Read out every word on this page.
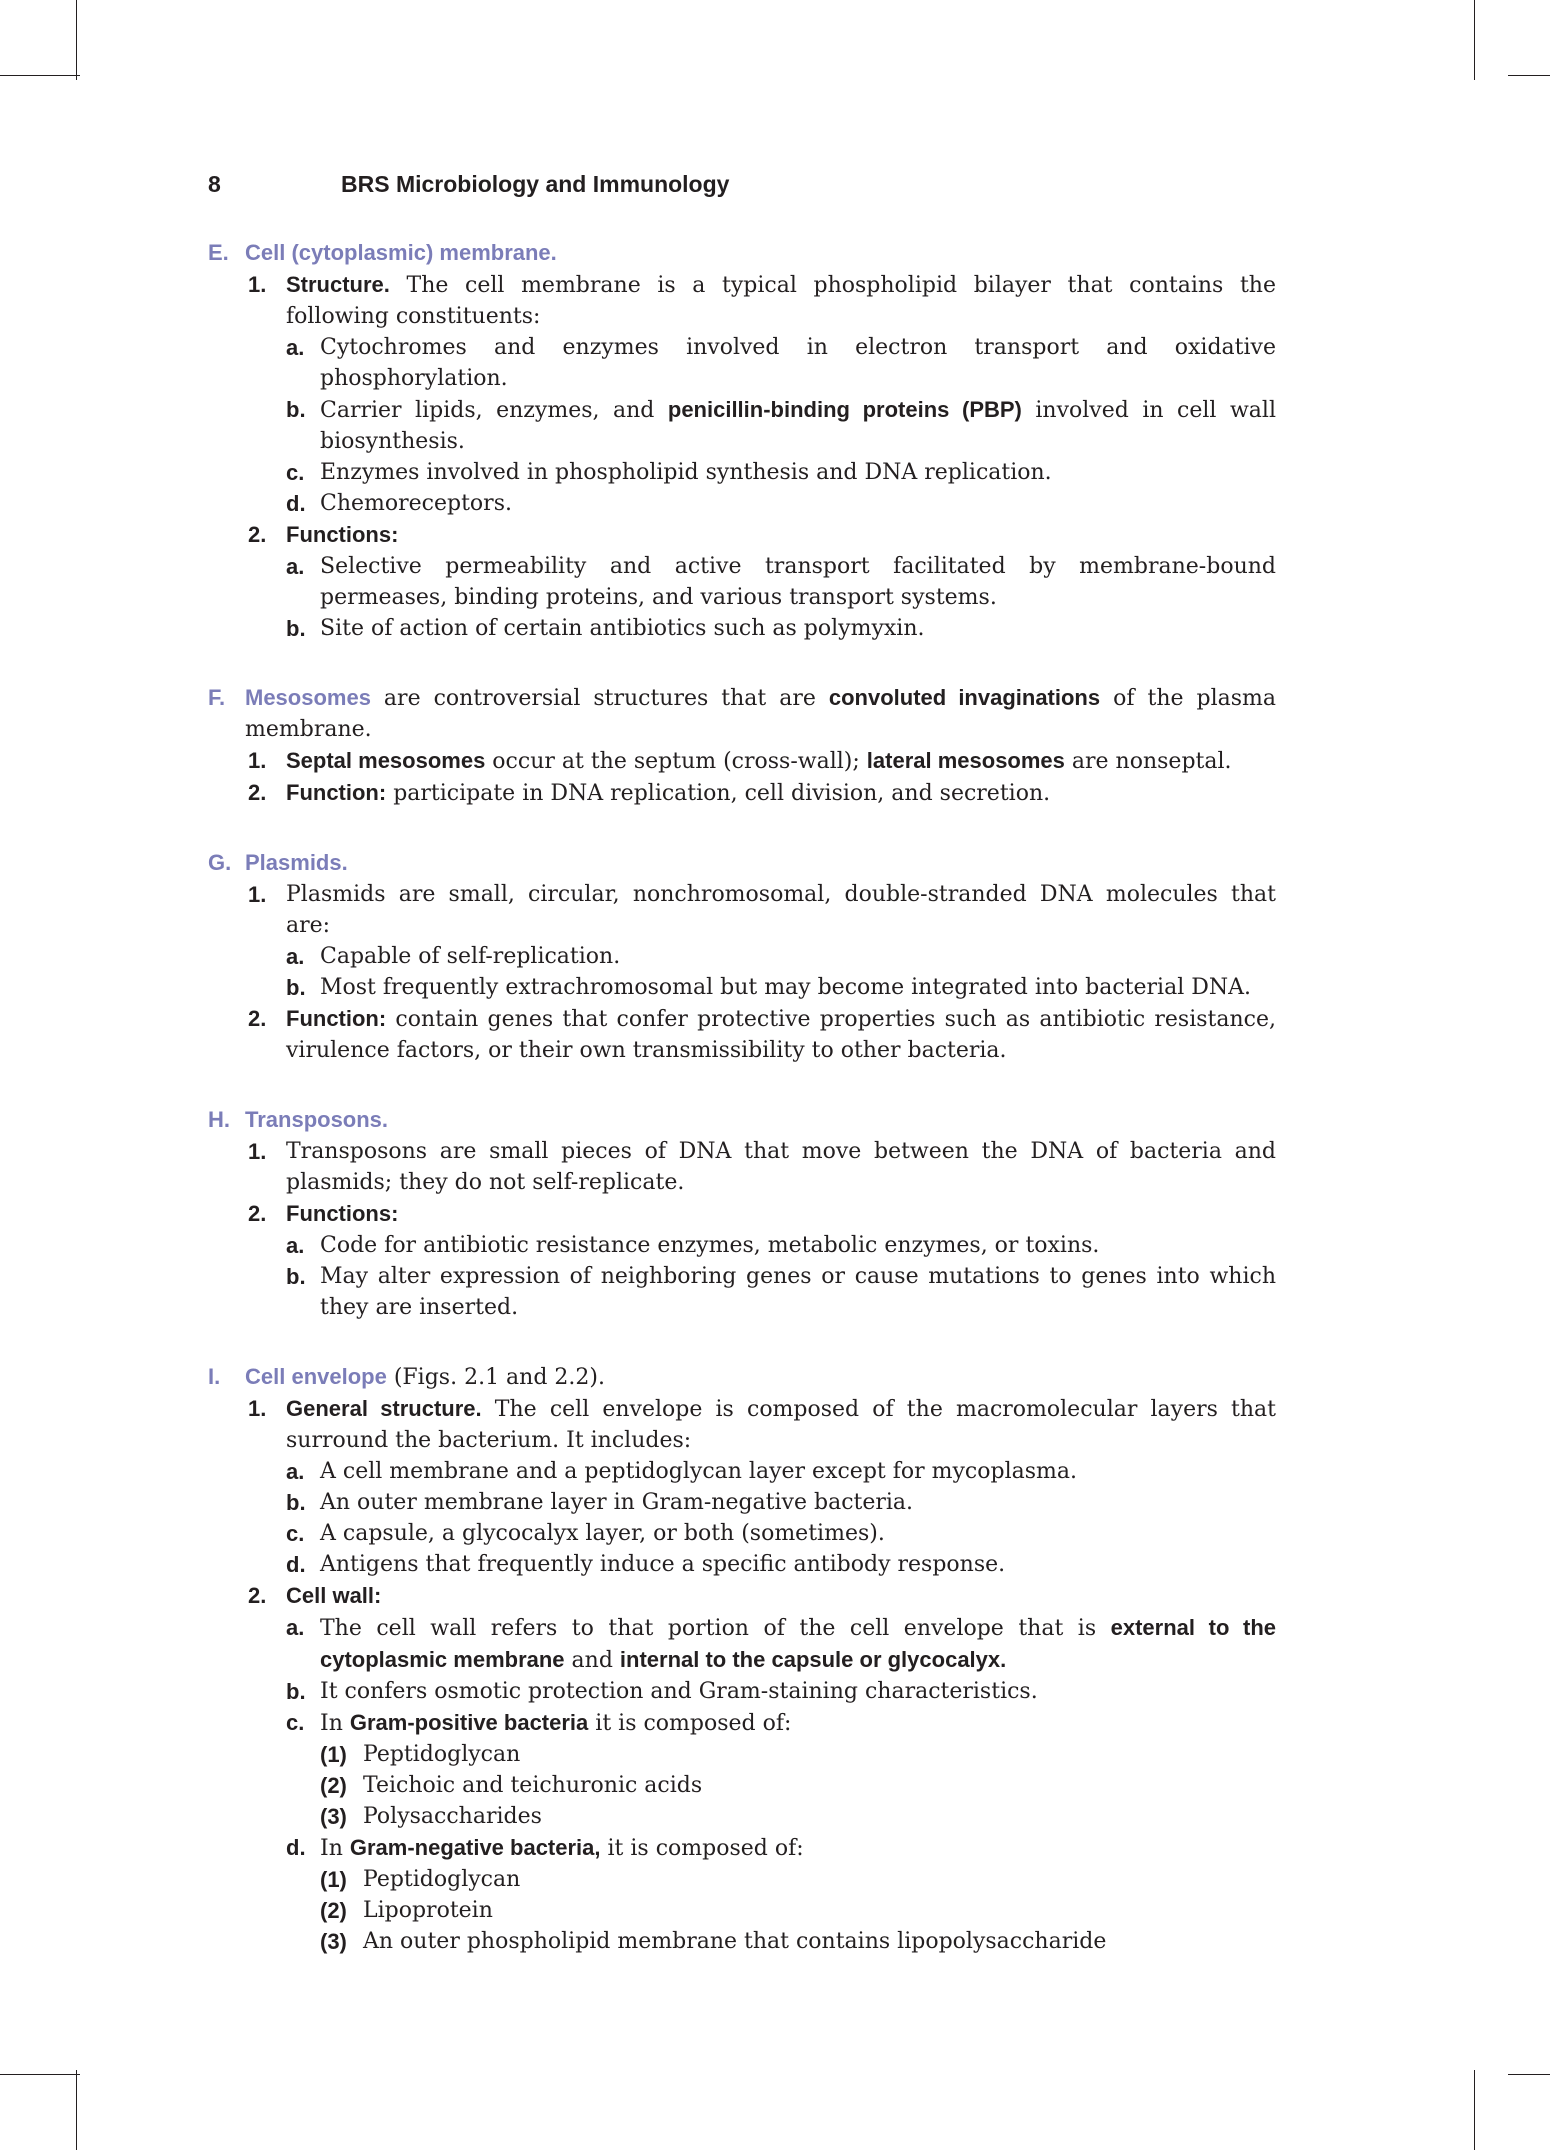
8	BRS Microbiology and Immunology
E. Cell (cytoplasmic) membrane.
1. Structure. The cell membrane is a typical phospholipid bilayer that contains the following constituents:
a. Cytochromes and enzymes involved in electron transport and oxidative phosphorylation.
b. Carrier lipids, enzymes, and penicillin-binding proteins (PBP) involved in cell wall biosynthesis.
c. Enzymes involved in phospholipid synthesis and DNA replication.
d. Chemoreceptors.
2. Functions:
a. Selective permeability and active transport facilitated by membrane-bound permeases, binding proteins, and various transport systems.
b. Site of action of certain antibiotics such as polymyxin.
F. Mesosomes are controversial structures that are convoluted invaginations of the plasma membrane.
1. Septal mesosomes occur at the septum (cross-wall); lateral mesosomes are nonseptal.
2. Function: participate in DNA replication, cell division, and secretion.
G. Plasmids.
1. Plasmids are small, circular, nonchromosomal, double-stranded DNA molecules that are:
a. Capable of self-replication.
b. Most frequently extrachromosomal but may become integrated into bacterial DNA.
2. Function: contain genes that confer protective properties such as antibiotic resistance, virulence factors, or their own transmissibility to other bacteria.
H. Transposons.
1. Transposons are small pieces of DNA that move between the DNA of bacteria and plasmids; they do not self-replicate.
2. Functions:
a. Code for antibiotic resistance enzymes, metabolic enzymes, or toxins.
b. May alter expression of neighboring genes or cause mutations to genes into which they are inserted.
I. Cell envelope (Figs. 2.1 and 2.2).
1. General structure. The cell envelope is composed of the macromolecular layers that surround the bacterium. It includes:
a. A cell membrane and a peptidoglycan layer except for mycoplasma.
b. An outer membrane layer in Gram-negative bacteria.
c. A capsule, a glycocalyx layer, or both (sometimes).
d. Antigens that frequently induce a specific antibody response.
2. Cell wall:
a. The cell wall refers to that portion of the cell envelope that is external to the cytoplasmic membrane and internal to the capsule or glycocalyx.
b. It confers osmotic protection and Gram-staining characteristics.
c. In Gram-positive bacteria it is composed of:
(1) Peptidoglycan
(2) Teichoic and teichuronic acids
(3) Polysaccharides
d. In Gram-negative bacteria, it is composed of:
(1) Peptidoglycan
(2) Lipoprotein
(3) An outer phospholipid membrane that contains lipopolysaccharide
